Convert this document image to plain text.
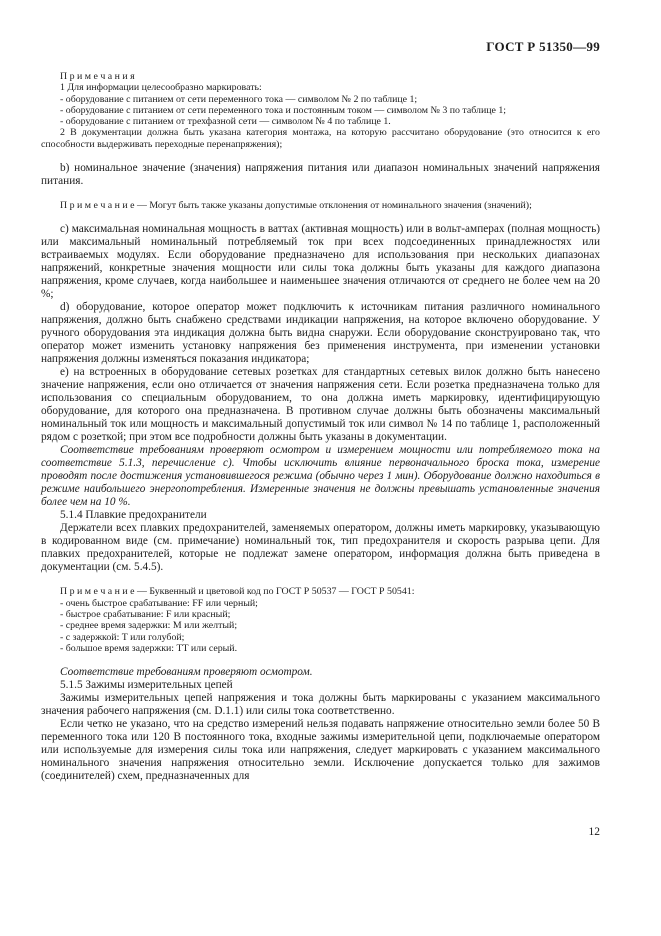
ГОСТ Р 51350—99

П р и м е ч а н и я

1 Для информации целесообразно маркировать:

- оборудование с питанием от сети переменного тока — символом № 2 по таблице 1;

- оборудование с питанием от сети переменного тока и постоянным током — символом № 3 по таблице 1;

- оборудование с питанием от трехфазной сети — символом № 4 по таблице 1.

2 В документации должна быть указана категория монтажа, на которую рассчитано оборудование (это относится к его способности выдерживать переходные перенапряжения);

b) номинальное значение (значения) напряжения питания или диапазон номинальных значений напряжения питания.

П р и м е ч а н и е — Могут быть также указаны допустимые отклонения от номинального значения (значений);

c) максимальная номинальная мощность в ваттах (активная мощность) или в вольт-амперах (полная мощность) или максимальный номинальный потребляемый ток при всех подсоединенных принадлежностях или встраиваемых модулях. Если оборудование предназначено для использования при нескольких диапазонах напряжений, конкретные значения мощности или силы тока должны быть указаны для каждого диапазона напряжения, кроме случаев, когда наибольшее и наименьшее значения отличаются от среднего не более чем на 20 %;

d) оборудование, которое оператор может подключить к источникам питания различного номинального напряжения, должно быть снабжено средствами индикации напряжения, на которое включено оборудование. У ручного оборудования эта индикация должна быть видна снаружи. Если оборудование сконструировано так, что оператор может изменить установку напряжения без применения инструмента, при изменении установки напряжения должны изменяться показания индикатора;

e) на встроенных в оборудование сетевых розетках для стандартных сетевых вилок должно быть нанесено значение напряжения, если оно отличается от значения напряжения сети. Если розетка предназначена только для использования со специальным оборудованием, то она должна иметь маркировку, идентифицирующую оборудование, для которого она предназначена. В противном случае должны быть обозначены максимальный номинальный ток или мощность и максимальный допустимый ток или символ № 14 по таблице 1, расположенный рядом с розеткой; при этом все подробности должны быть указаны в документации.

Соответствие требованиям проверяют осмотром и измерением мощности или потребляемого тока на соответствие 5.1.3, перечисление c). Чтобы исключить влияние первоначального броска тока, измерение проводят после достижения установившегося режима (обычно через 1 мин). Оборудование должно находиться в режиме наибольшего энергопотребления. Измеренные значения не должны превышать установленные значения более чем на 10 %.

5.1.4 Плавкие предохранители

Держатели всех плавких предохранителей, заменяемых оператором, должны иметь маркировку, указывающую в кодированном виде (см. примечание) номинальный ток, тип предохранителя и скорость разрыва цепи. Для плавких предохранителей, которые не подлежат замене оператором, информация должна быть приведена в документации (см. 5.4.5).

П р и м е ч а н и е — Буквенный и цветовой код по ГОСТ Р 50537 — ГОСТ Р 50541:

- очень быстрое срабатывание: FF или черный;

- быстрое срабатывание: F или красный;

- среднее время задержки: M или желтый;

- с задержкой: T или голубой;

- большое время задержки: TT или серый.

Соответствие требованиям проверяют осмотром.

5.1.5 Зажимы измерительных цепей

Зажимы измерительных цепей напряжения и тока должны быть маркированы с указанием максимального значения рабочего напряжения (см. D.1.1) или силы тока соответственно.

Если четко не указано, что на средство измерений нельзя подавать напряжение относительно земли более 50 В переменного тока или 120 В постоянного тока, входные зажимы измерительной цепи, подключаемые оператором или используемые для измерения силы тока или напряжения, следует маркировать с указанием максимального номинального значения напряжения относительно земли. Исключение допускается только для зажимов (соединителей) схем, предназначенных для

12
